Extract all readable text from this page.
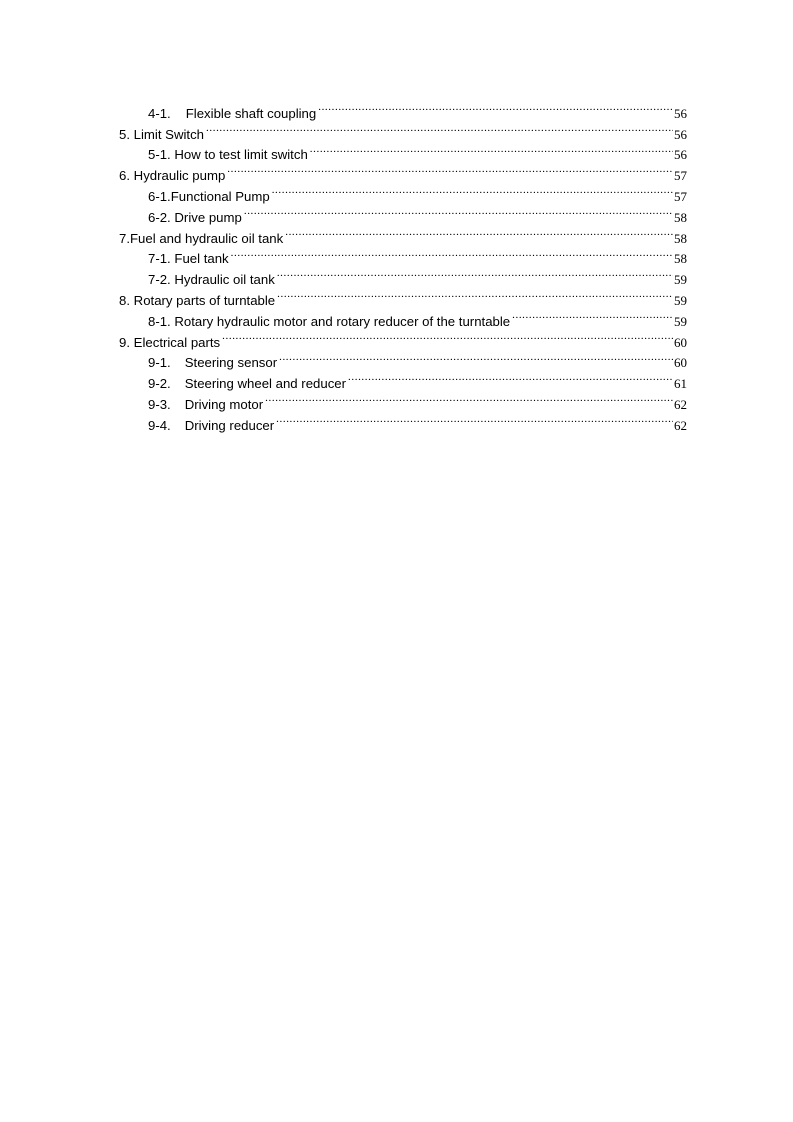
4-1. Flexible shaft coupling .....	56
5. Limit Switch .....	56
5-1. How to test limit switch .....	56
6. Hydraulic pump .....	57
6-1.Functional Pump .....	57
6-2. Drive pump .....	58
7.Fuel and hydraulic oil tank .....	58
7-1. Fuel tank .....	58
7-2. Hydraulic oil tank .....	59
8. Rotary parts of turntable .....	59
8-1. Rotary hydraulic motor and rotary reducer of the turntable .....	59
9. Electrical parts .....	60
9-1. Steering sensor .....	60
9-2. Steering wheel and reducer .....	61
9-3. Driving motor .....	62
9-4. Driving reducer .....	62
